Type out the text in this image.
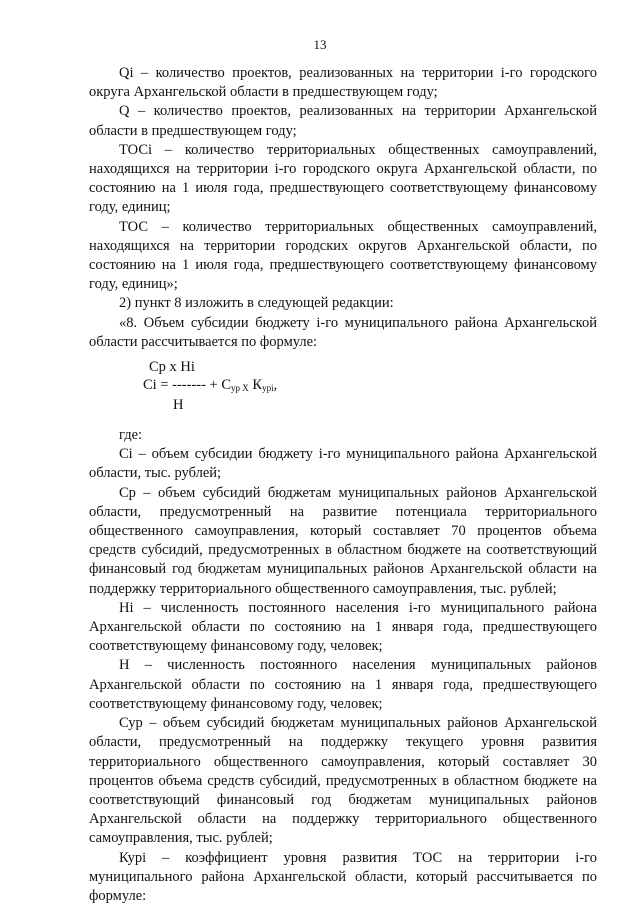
13

Qi – количество проектов, реализованных на территории i-го городского округа Архангельской области в предшествующем году;

Q – количество проектов, реализованных на территории Архангельской области в предшествующем году;

ТОСi – количество территориальных общественных самоуправлений, находящихся на территории i-го городского округа Архангельской области, по состоянию на 1 июля года, предшествующего соответствующему финансовому году, единиц;

ТОС – количество территориальных общественных самоуправлений, находящихся на территории городских округов Архангельской области, по состоянию на 1 июля года, предшествующего соответствующему финансовому году, единиц»;

2) пункт 8 изложить в следующей редакции:

«8. Объем субсидии бюджету i-го муниципального района Архангельской области рассчитывается по формуле:

Cp x Hi
Ci = ------- + $С_{ур X}$ $К_{урi}$,
H

где:

Ci – объем субсидии бюджету i-го муниципального района Архангельской области, тыс. рублей;

Cp – объем субсидий бюджетам муниципальных районов Архангельской области, предусмотренный на развитие потенциала территориального общественного самоуправления, который составляет 70 процентов объема средств субсидий, предусмотренных в областном бюджете на соответствующий финансовый год бюджетам муниципальных районов Архангельской области на поддержку территориального общественного самоуправления, тыс. рублей;

Hi – численность постоянного населения i-го муниципального района Архангельской области по состоянию на 1 января года, предшествующего соответствующему финансовому году, человек;

H – численность постоянного населения муниципальных районов Архангельской области по состоянию на 1 января года, предшествующего соответствующему финансовому году, человек;

Сур – объем субсидий бюджетам муниципальных районов Архангельской области, предусмотренный на поддержку текущего уровня развития территориального общественного самоуправления, который составляет 30 процентов объема средств субсидий, предусмотренных в областном бюджете на соответствующий финансовый год бюджетам муниципальных районов Архангельской области на поддержку территориального общественного самоуправления, тыс. рублей;

Курi – коэффициент уровня развития ТОС на территории i-го муниципального района Архангельской области, который рассчитывается по формуле:
